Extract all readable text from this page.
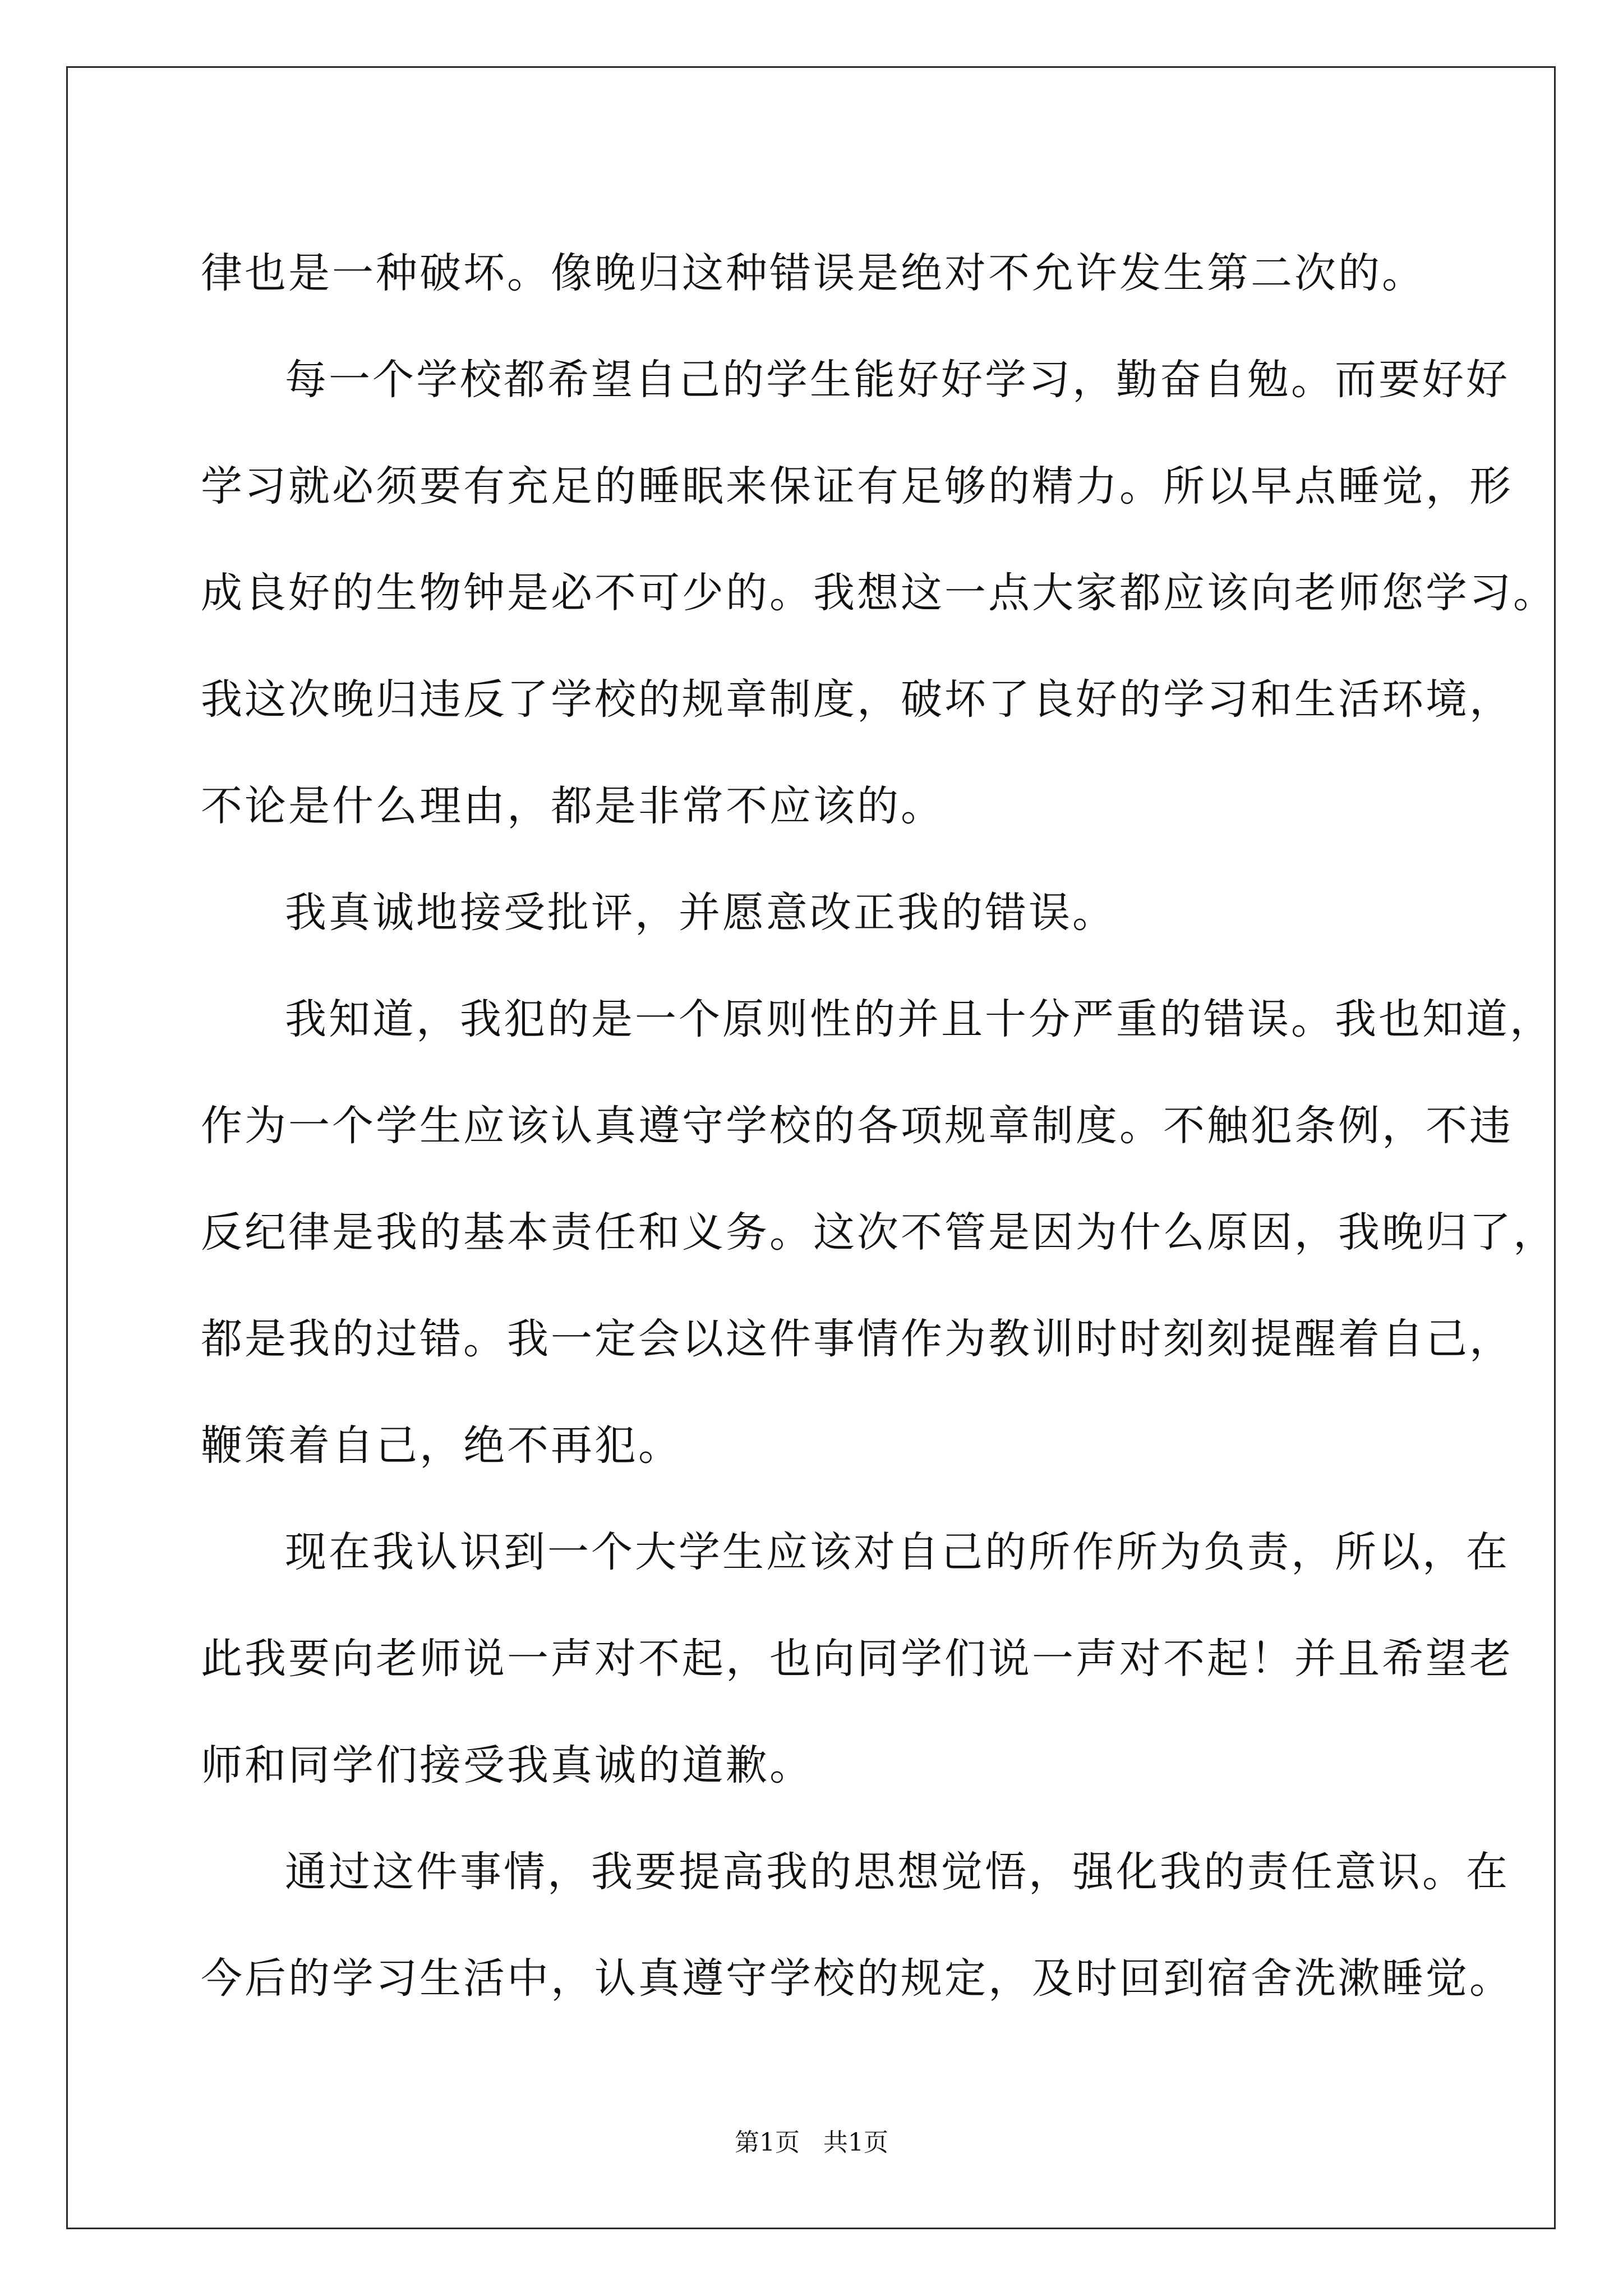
律也是一种破坏。像晚归这种错误是绝对不允许发生第二次的。
每一个学校都希望自己的学生能好好学习，勤奋自勉。而要好好
学习就必须要有充足的睡眠来保证有足够的精力。所以早点睡觉，形
成良好的生物钟是必不可少的。我想这一点大家都应该向老师您学习。
我这次晚归违反了学校的规章制度，破坏了良好的学习和生活环境，
不论是什么理由，都是非常不应该的。
我真诚地接受批评，并愿意改正我的错误。
我知道，我犯的是一个原则性的并且十分严重的错误。我也知道，
作为一个学生应该认真遵守学校的各项规章制度。不触犯条例，不违
反纪律是我的基本责任和义务。这次不管是因为什么原因，我晚归了，
都是我的过错。我一定会以这件事情作为教训时时刻刻提醒着自己，
鞭策着自己，绝不再犯。
现在我认识到一个大学生应该对自己的所作所为负责，所以，在
此我要向老师说一声对不起，也向同学们说一声对不起！并且希望老
师和同学们接受我真诚的道歉。
通过这件事情，我要提高我的思想觉悟，强化我的责任意识。在
今后的学习生活中，认真遵守学校的规定，及时回到宿舍洗漱睡觉。
第1页   共1页
